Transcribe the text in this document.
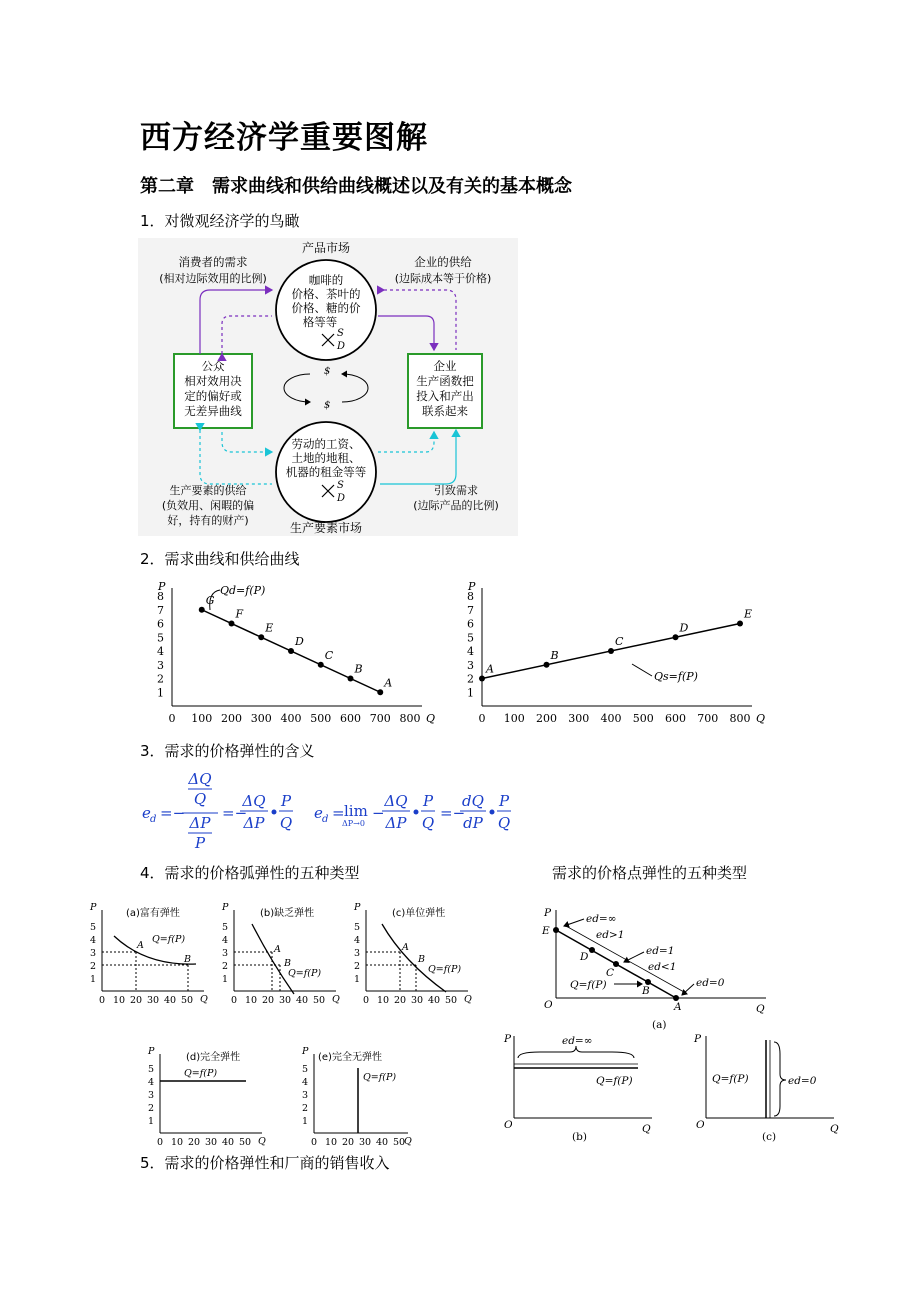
西方经济学重要图解
第二章　需求曲线和供给曲线概述以及有关的基本概念
1．对微观经济学的鸟瞰
2．需求曲线和供给曲线
3．需求的价格弹性的含义
4．需求的价格弧弹性的五种类型	需求的价格点弹性的五种类型
5．需求的价格弹性和厂商的销售收入
产品市场
咖啡的
价格、茶叶的
价格、糖的价
格等等
S
D
劳动的工资、
土地的地租、
机器的租金等等
S
D
生产要素市场
公众
相对效用决
定的偏好或
无差异曲线
企业
生产函数把
投入和产出
联系起来
消费者的需求
(相对边际效用的比例)
企业的供给
(边际成本等于价格)
生产要素的供给
(负效用、闲暇的偏
好，持有的财产)
引致需求
(边际产品的比例)
$
$
P
Q
1
2
3
4
5
6
7
8
0 100 200 300 400 500 600 700 800
G
F
E
D
C
B
A
Qd=f(P)	P
Q
1
2
3
4
5
6
7
8
0 100 200 300 400 500 600 700 800
A
B
C
D
E
Qs=f(P)
e d =−
ΔQ
Q
ΔP
P
=−
ΔQ
ΔP
P
Q
e d = lim
ΔP→0
−
ΔQ
ΔP
P
Q
=−
dQ
dP
P
Q
P
Q
(a)富有弹性
A
B
Q=f(P)
P
Q
(b)缺乏弹性
A
B
Q=f(P)
P
Q
(c)单位弹性
A
B
Q=f(P)
P
Q
(d)完全弹性
Q=f(P)
P
Q
(e)完全无弹性
Q=f(P)
0 10 20 30 40 50
1
2
3
4
5
0 10 20 30 40 50
1
2
3
4
5
0 10 20 30 40 50
1
2
3
4
5
0 10 20 30 40 50
1
2
3
4
5
0 10 20 30 40 50
1
2
3
4
5
P
O	Q
E
D
C
B
A
ed=∞
ed>1
ed=1
ed<1
ed=0
Q=f(P)
(a)
P
O	Q
ed=∞
Q=f(P)
(b)
P
O	Q
ed=0
Q=f(P)
(c)
